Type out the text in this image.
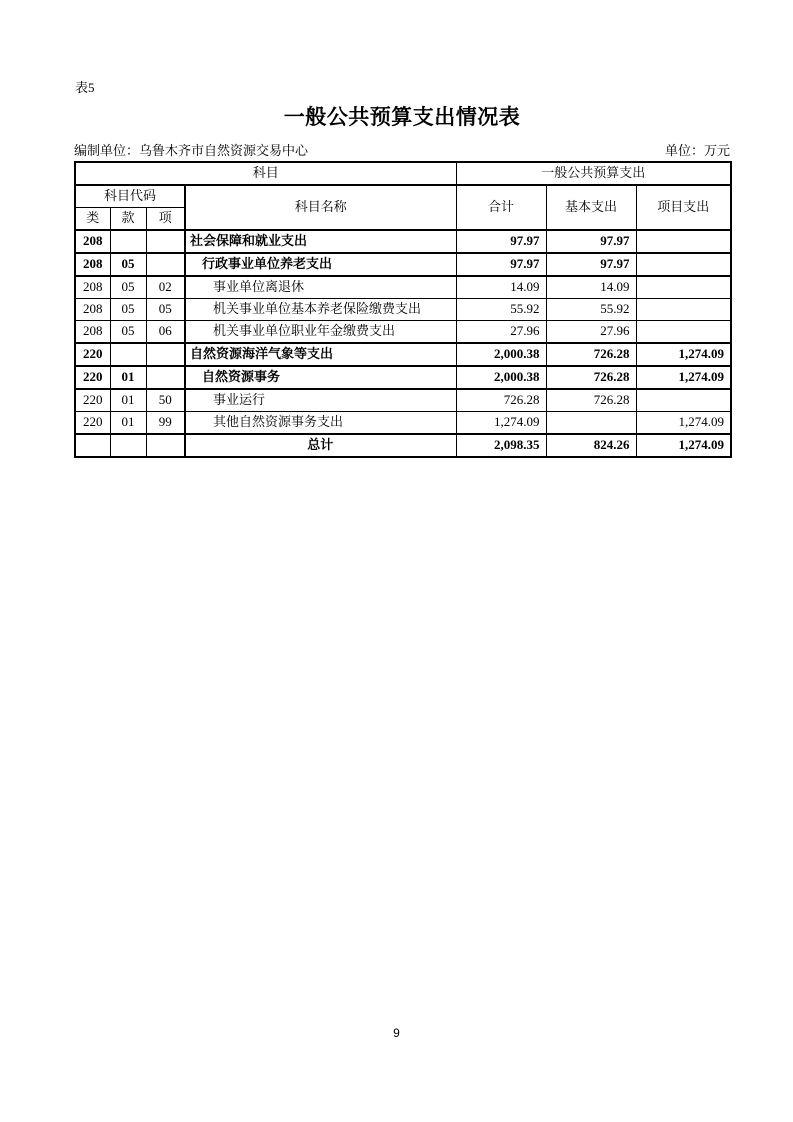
表5
一般公共预算支出情况表
编制单位：乌鲁木齐市自然资源交易中心	单位：万元
科目				一般公共预算支出		
科目代码			科目名称	合计	基本支出	项目支出
类	款	项				
208			社会保障和就业支出	97.97	97.97	
208	05		行政事业单位养老支出	97.97	97.97	
208	05	02	事业单位离退休	14.09	14.09	
208	05	05	机关事业单位基本养老保险缴费支出	55.92	55.92	
208	05	06	机关事业单位职业年金缴费支出	27.96	27.96	
220			自然资源海洋气象等支出	2,000.38	726.28	1,274.09
220	01		自然资源事务	2,000.38	726.28	1,274.09
220	01	50	事业运行	726.28	726.28	
220	01	99	其他自然资源事务支出	1,274.09		1,274.09
			总计	2,098.35	824.26	1,274.09
9
